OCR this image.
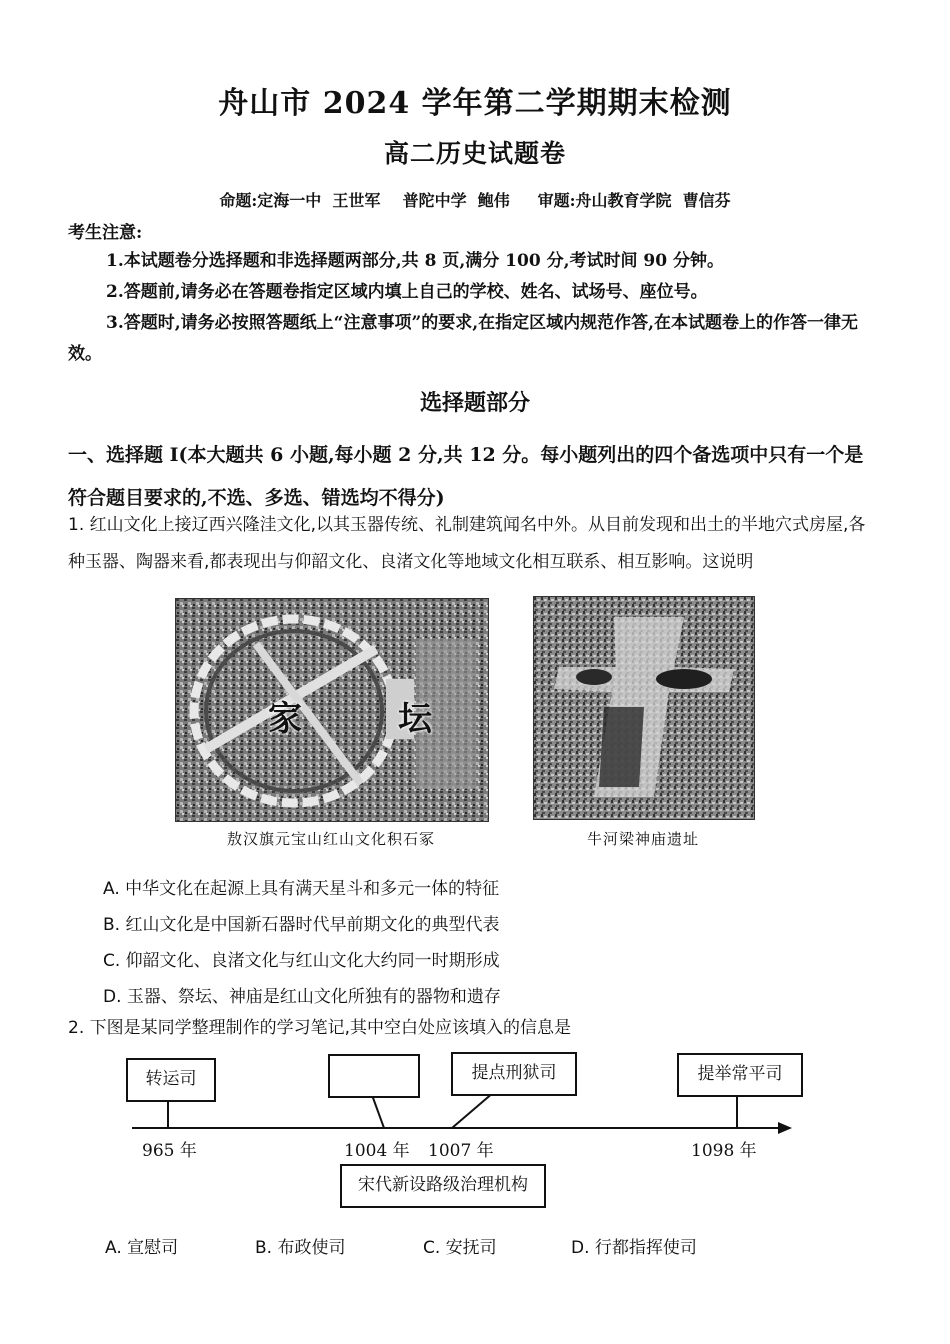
舟山市 2024 学年第二学期期末检测
高二历史试题卷
命题:定海一中  王世军    普陀中学  鲍伟     审题:舟山教育学院  曹信芬
考生注意:
1.本试题卷分选择题和非选择题两部分,共 8 页,满分 100 分,考试时间 90 分钟。
2.答题前,请务必在答题卷指定区域内填上自己的学校、姓名、试场号、座位号。
3.答题时,请务必按照答题纸上“注意事项”的要求,在指定区域内规范作答,在本试题卷上的作答一律无效。
选择题部分
一、选择题 I(本大题共 6 小题,每小题 2 分,共 12 分。每小题列出的四个备选项中只有一个是符合题目要求的,不选、多选、错选均不得分)
1. 红山文化上接辽西兴隆洼文化,以其玉器传统、礼制建筑闻名中外。从目前发现和出土的半地穴式房屋,各种玉器、陶器来看,都表现出与仰韶文化、良渚文化等地域文化相互联系、相互影响。这说明
家	坛
敖汉旗元宝山红山文化积石冢	牛河梁神庙遗址
A. 中华文化在起源上具有满天星斗和多元一体的特征
B. 红山文化是中国新石器时代早前期文化的典型代表
C. 仰韶文化、良渚文化与红山文化大约同一时期形成
D. 玉器、祭坛、神庙是红山文化所独有的器物和遗存
2. 下图是某同学整理制作的学习笔记,其中空白处应该填入的信息是
转运司	提点刑狱司	提举常平司
965 年	1004 年 1007 年	1098 年
宋代新设路级治理机构
A. 宣慰司	B. 布政使司	C. 安抚司	D. 行都指挥使司
